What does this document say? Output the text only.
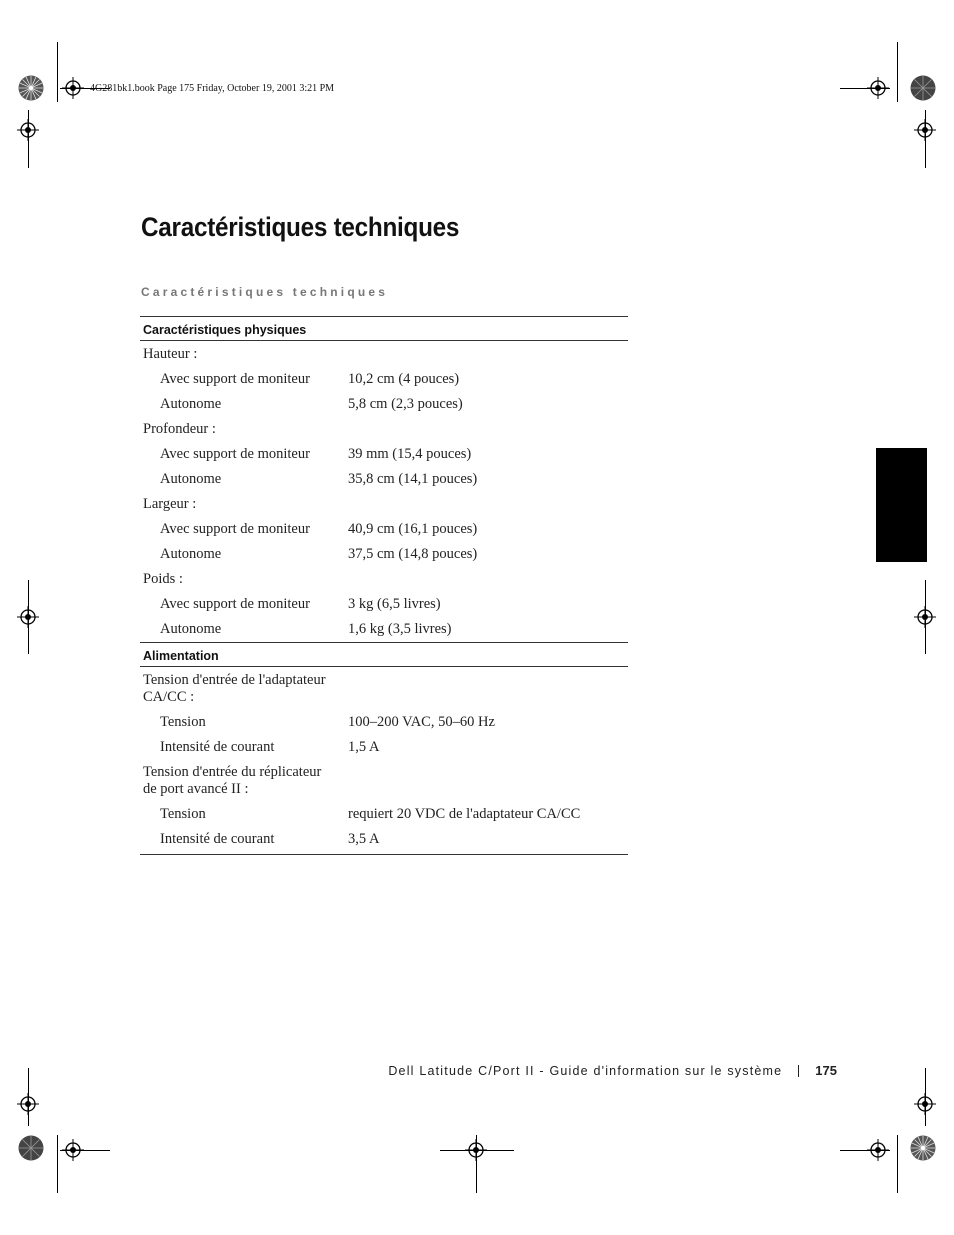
4G281bk1.book Page 175 Friday, October 19, 2001 3:21 PM
Caractéristiques techniques
Caractéristiques techniques
Caractéristiques physiques
Hauteur :
Avec support de moniteur	10,2 cm (4 pouces)
Autonome	5,8 cm (2,3 pouces)
Profondeur :
Avec support de moniteur	39 mm (15,4 pouces)
Autonome	35,8 cm (14,1 pouces)
Largeur :
Avec support de moniteur	40,9 cm (16,1 pouces)
Autonome	37,5 cm (14,8 pouces)
Poids :
Avec support de moniteur	3 kg (6,5 livres)
Autonome	1,6 kg (3,5 livres)
Alimentation
Tension d'entrée de l'adaptateur CA/CC :
Tension	100–200 VAC, 50–60 Hz
Intensité de courant	1,5 A
Tension d'entrée du réplicateur de port avancé II :
Tension	requiert 20 VDC de l'adaptateur CA/CC
Intensité de courant	3,5 A
Dell Latitude C/Port II - Guide d'information sur le système	175
